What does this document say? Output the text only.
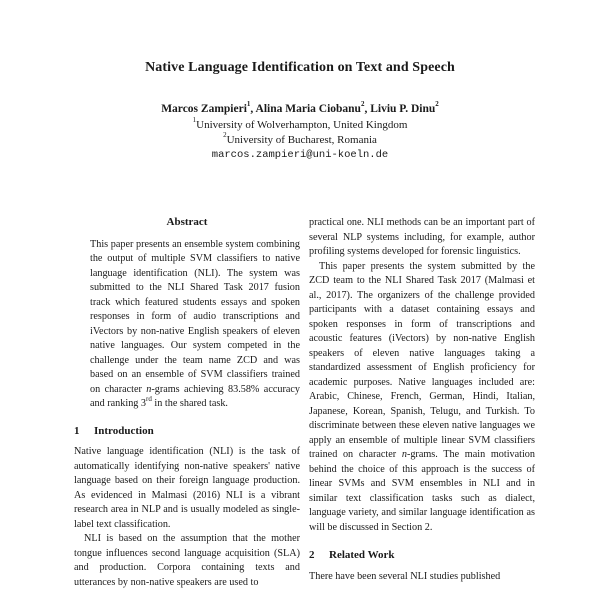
Native Language Identification on Text and Speech
Marcos Zampieri$^1$, Alina Maria Ciobanu$^2$, Liviu P. Dinu$^2$
$^1$University of Wolverhampton, United Kingdom
$^2$University of Bucharest, Romania
marcos.zampieri@uni-koeln.de
Abstract

This paper presents an ensemble system combining the output of multiple SVM classifiers to native language identification (NLI). The system was submitted to the NLI Shared Task 2017 fusion track which featured students essays and spoken responses in form of audio transcriptions and iVectors by non-native English speakers of eleven native languages. Our system competed in the challenge under the team name ZCD and was based on an ensemble of SVM classifiers trained on character n-grams achieving 83.58% accuracy and ranking 3rd in the shared task.

1 Introduction

Native language identification (NLI) is the task of automatically identifying non-native speakers' native language based on their foreign language production. As evidenced in Malmasi (2016) NLI is a vibrant research area in NLP and is usually modeled as single-label text classification.

NLI is based on the assumption that the mother tongue influences second language acquisition (SLA) and production. Corpora containing texts and utterances by non-native speakers are used to

practical one. NLI methods can be an important part of several NLP systems including, for example, author profiling systems developed for forensic linguistics.

This paper presents the system submitted by the ZCD team to the NLI Shared Task 2017 (Malmasi et al., 2017). The organizers of the challenge provided participants with a dataset containing essays and spoken responses in form of transcriptions and acoustic features (iVectors) by non-native English speakers of eleven native languages taking a standardized assessment of English proficiency for academic purposes. Native languages included are: Arabic, Chinese, French, German, Hindi, Italian, Japanese, Korean, Spanish, Telugu, and Turkish. To discriminate between these eleven native languages we apply an ensemble of multiple linear SVM classifiers trained on character n-grams. The main motivation behind the choice of this approach is the success of linear SVMs and SVM ensembles in NLI and in similar text classification tasks such as dialect, language variety, and similar language identification as will be discussed in Section 2.

2 Related Work

There have been several NLI studies published
